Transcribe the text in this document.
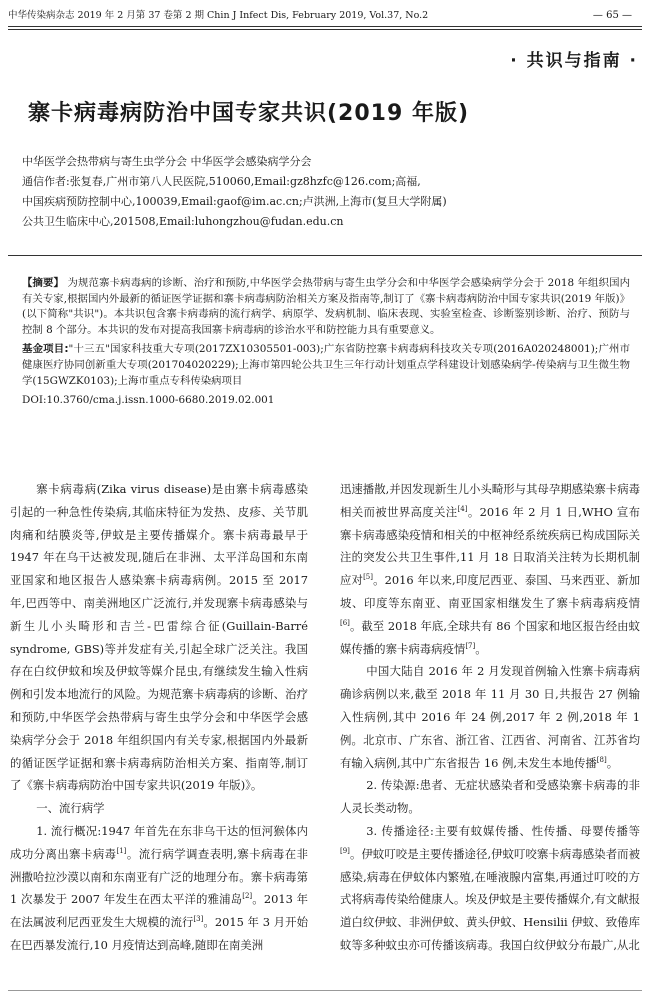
中华传染病杂志 2019 年 2 月第 37 卷第 2 期 Chin J Infect Dis, February 2019, Vol.37, No.2	— 65 —
· 共识与指南 ·
寨卡病毒病防治中国专家共识(2019 年版)

中华医学会热带病与寄生虫学分会 中华医学会感染病学分会

通信作者:张复春,广州市第八人民医院,510060,Email:gz8hzfc@126.com;高福,

中国疾病预防控制中心,100039,Email:gaof@im.ac.cn;卢洪洲,上海市(复旦大学附属)

公共卫生临床中心,201508,Email:luhongzhou@fudan.edu.cn

【摘要】 为规范寨卡病毒病的诊断、治疗和预防,中华医学会热带病与寄生虫学分会和中华医学会感染病学分会于 2018 年组织国内有关专家,根据国内外最新的循证医学证据和寨卡病毒病防治相关方案及指南等,制订了《寨卡病毒病防治中国专家共识(2019 年版)》(以下简称"共识")。本共识包含寨卡病毒病的流行病学、病原学、发病机制、临床表现、实验室检查、诊断鉴别诊断、治疗、预防与控制 8 个部分。本共识的发布对提高我国寨卡病毒病的诊治水平和防控能力具有重要意义。

基金项目:"十三五"国家科技重大专项(2017ZX10305501-003);广东省防控寨卡病毒病科技攻关专项(2016A020248001);广州市健康医疗协同创新重大专项(201704020229);上海市第四轮公共卫生三年行动计划重点学科建设计划感染病学-传染病与卫生微生物学(15GWZK0103);上海市重点专科传染病项目

DOI:10.3760/cma.j.issn.1000-6680.2019.02.001

寨卡病毒病(Zika virus disease)是由寨卡病毒感染引起的一种急性传染病,其临床特征为发热、皮疹、关节肌肉痛和结膜炎等,伊蚊是主要传播媒介。寨卡病毒最早于 1947 年在乌干达被发现,随后在非洲、太平洋岛国和东南亚国家和地区报告人感染寨卡病毒病例。2015 至 2017 年,巴西等中、南美洲地区广泛流行,并发现寨卡病毒感染与新生儿小头畸形和吉兰-巴雷综合征(Guillain-Barré syndrome, GBS)等并发症有关,引起全球广泛关注。我国存在白纹伊蚊和埃及伊蚊等媒介昆虫,有继续发生输入性病例和引发本地流行的风险。为规范寨卡病毒病的诊断、治疗和预防,中华医学会热带病与寄生虫学分会和中华医学会感染病学分会于 2018 年组织国内有关专家,根据国内外最新的循证医学证据和寨卡病毒病防治相关方案、指南等,制订了《寨卡病毒病防治中国专家共识(2019 年版)》。

一、流行病学

1. 流行概况:1947 年首先在东非乌干达的恒河猴体内成功分离出寨卡病毒[1]。流行病学调查表明,寨卡病毒在非洲撒哈拉沙漠以南和东南亚有广泛的地理分布。寨卡病毒第 1 次暴发于 2007 年发生在西太平洋的雅浦岛[2]。2013 年在法属波利尼西亚发生大规模的流行[3]。2015 年 3 月开始在巴西暴发流行,10 月疫情达到高峰,随即在南美洲

迅速播散,并因发现新生儿小头畸形与其母孕期感染寨卡病毒相关而被世界高度关注[4]。2016 年 2 月 1 日,WHO 宣布寨卡病毒感染疫情和相关的中枢神经系统疾病已构成国际关注的突发公共卫生事件,11 月 18 日取消关注转为长期机制应对[5]。2016 年以来,印度尼西亚、泰国、马来西亚、新加坡、印度等东南亚、南亚国家相继发生了寨卡病毒病疫情[6]。截至 2018 年底,全球共有 86 个国家和地区报告经由蚊媒传播的寨卡病毒病疫情[7]。

中国大陆自 2016 年 2 月发现首例输入性寨卡病毒病确诊病例以来,截至 2018 年 11 月 30 日,共报告 27 例输入性病例,其中 2016 年 24 例,2017 年 2 例,2018 年 1 例。北京市、广东省、浙江省、江西省、河南省、江苏省均有输入病例,其中广东省报告 16 例,未发生本地传播[8]。

2. 传染源:患者、无症状感染者和受感染寨卡病毒的非人灵长类动物。

3. 传播途径:主要有蚊媒传播、性传播、母婴传播等[9]。伊蚊叮咬是主要传播途径,伊蚊叮咬寨卡病毒感染者而被感染,病毒在伊蚊体内繁殖,在唾液腺内富集,再通过叮咬的方式将病毒传染给健康人。埃及伊蚊是主要传播媒介,有文献报道白纹伊蚊、非洲伊蚊、黄头伊蚊、Hensilii 伊蚊、致倦库蚊等多种蚊虫亦可传播该病毒。我国白纹伊蚊分布最广,从北
